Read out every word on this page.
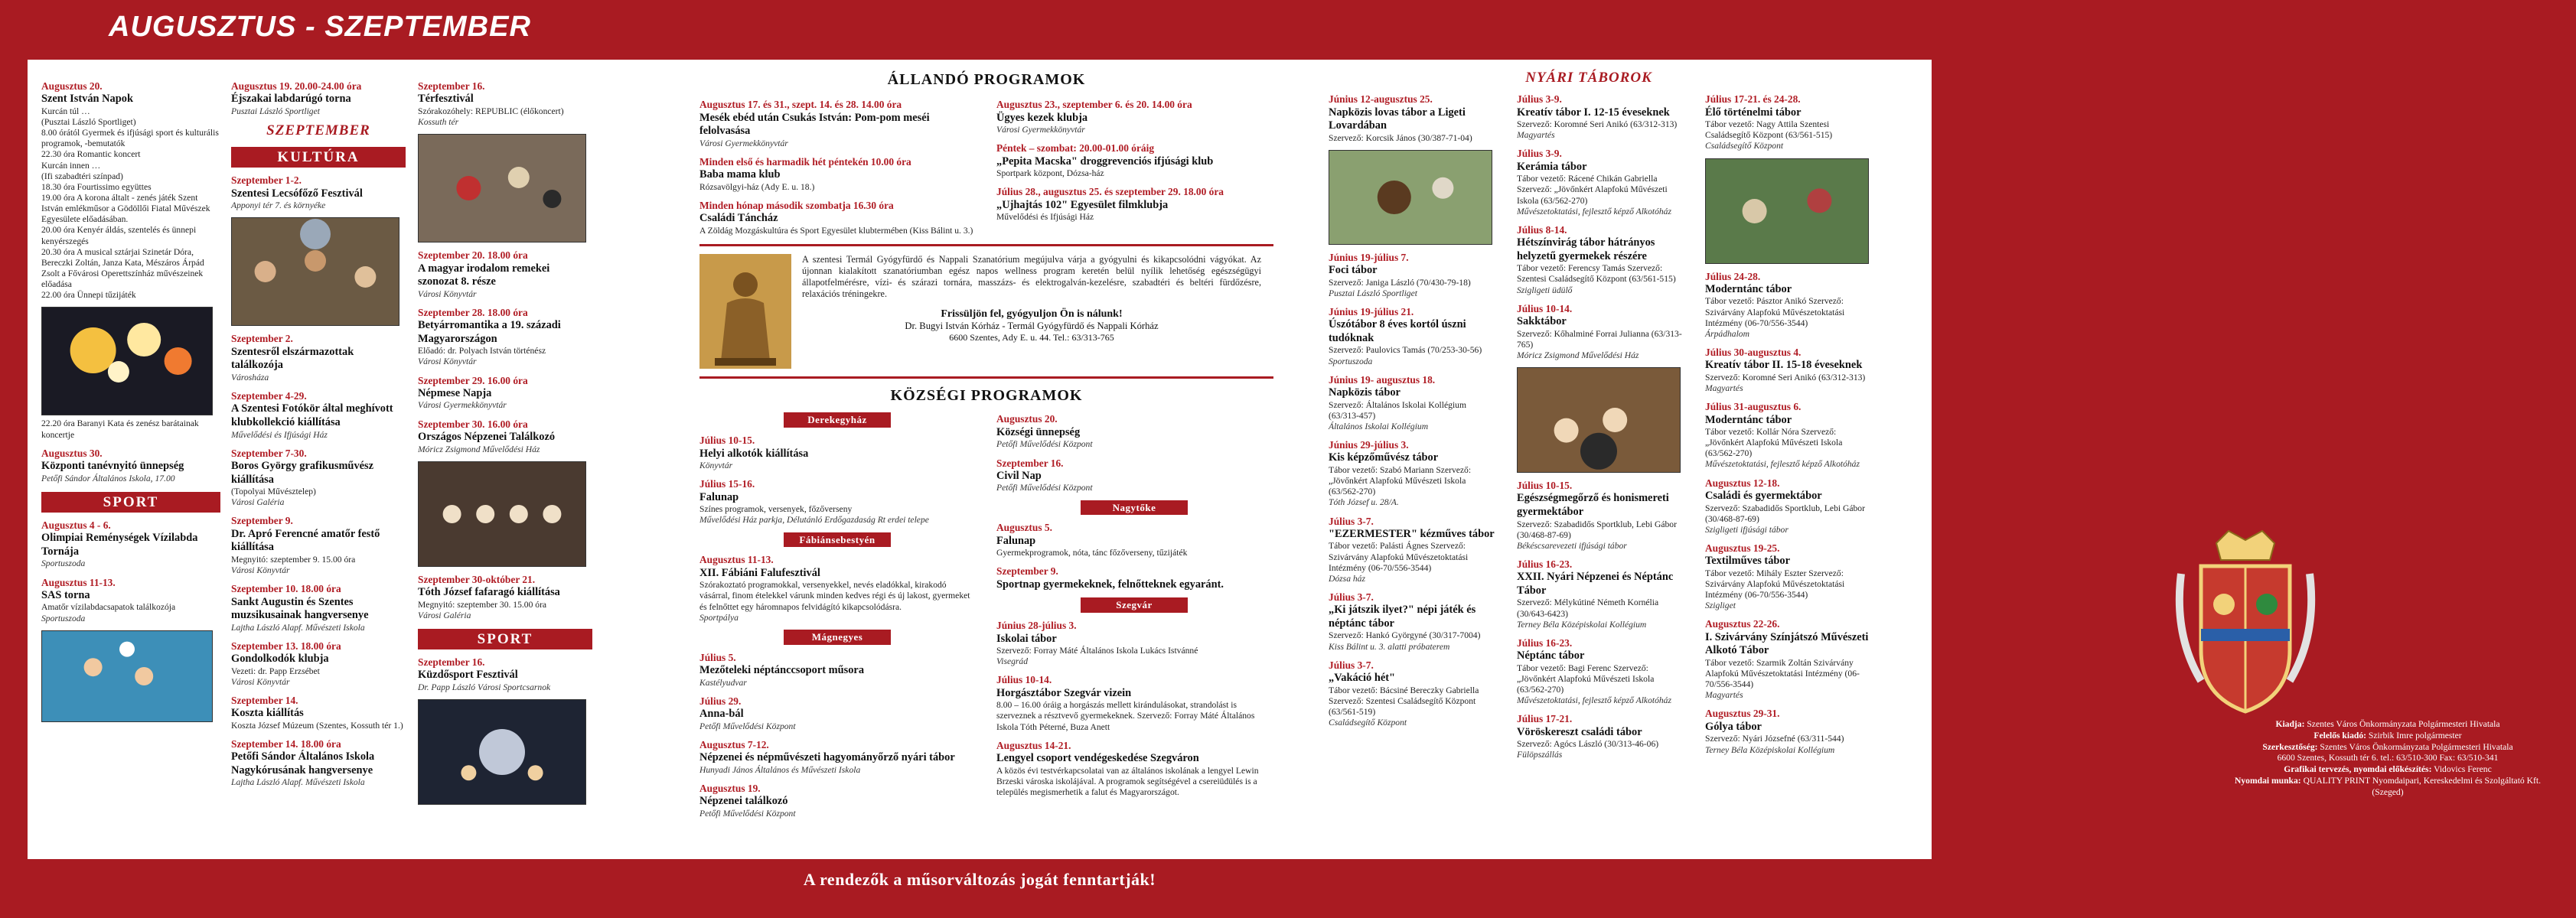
AUGUSZTUS - SZEPTEMBER
Augusztus 20.
Szent István Napok
Kurcán túl …
(Pusztai László Sportliget)
8.00 órától Gyermek és ifjúsági sport és kulturális programok, -bemutatók
22.30 óra Romantic koncert
Kurcán innen …
(Ifi szabadtéri színpad)
18.30 óra Fourtissimo együttes
19.00 óra A korona általt - zenés játék Szent István emlékműsor a Gödöllői Fiatal Művészek Egyesülete előadásában.
20.00 óra Kenyér áldás, szentelés és ünnepi kenyérszegés
20.30 óra A musical sztárjai Szinetár Dóra, Bereczki Zoltán, Janza Kata, Mészáros Árpád Zsolt a Fővárosi Operettszínház művészeinek előadása
22.00 óra Ünnepi tűzijáték
22.20 óra Baranyi Kata és zenész barátainak koncertje
Augusztus 30.
Központi tanévnyitó ünnepség
Petőfi Sándor Általános Iskola, 17.00
SPORT
Augusztus 4 - 6.
Olimpiai Reménységek Vízilabda Tornája
Sportuszoda
Augusztus 11-13.
SAS torna
Amatőr vízilabdacsapatok találkozója
Sportuszoda
Augusztus 19. 20.00-24.00 óra
Éjszakai labdarúgó torna
Pusztai László Sportliget
SZEPTEMBER
KULTÚRA
Szeptember 1-2.
Szentesi Lecsófőző Fesztivál
Apponyi tér 7. és környéke
Szeptember 2.
Szentesről elszármazottak találkozója
Városháza
Szeptember 4-29.
A Szentesi Fotókör által meghívott klubkollekció kiállítása
Művelődési és Ifjúsági Ház
Szeptember 7-30.
Boros György grafikusművész kiállítása
(Topolyai Művésztelep)
Városi Galéria
Szeptember 9.
Dr. Apró Ferencné amatőr festő kiállítása
Megnyitó: szeptember 9. 15.00 óra
Városi Könyvtár
Szeptember 10. 18.00 óra
Sankt Augustin és Szentes muzsikusainak hangversenye
Lajtha László Alapf. Művészeti Iskola
Szeptember 13. 18.00 óra
Gondolkodók klubja
Vezeti: dr. Papp Erzsébet
Városi Könyvtár
Szeptember 14.
Koszta kiállítás
Koszta József Múzeum (Szentes, Kossuth tér 1.)
Szeptember 14. 18.00 óra
Petőfi Sándor Általános Iskola Nagykórusának hangversenye
Lajtha László Alapf. Művészeti Iskola
Szeptember 16.
Térfesztivál
Szórakozóhely: REPUBLIC (élőkoncert)
Kossuth tér
Szeptember 20. 18.00 óra
A magyar irodalom remekei szonozat 8. része
Városi Könyvtár
Szeptember 28. 18.00 óra
Betyárromantika a 19. századi Magyarországon
Előadó: dr. Polyach István történész
Városi Könyvtár
Szeptember 29. 16.00 óra
Népmese Napja
Városi Gyermekkönyvtár
Szeptember 30. 16.00 óra
Országos Népzenei Találkozó
Móricz Zsigmond Művelődési Ház
Szeptember 30-október 21.
Tóth József fafaragó kiállítása
Megnyitó: szeptember 30. 15.00 óra
Városi Galéria
SPORT
Szeptember 16.
Küzdősport Fesztivál
Dr. Papp László Városi Sportcsarnok
ÁLLANDÓ PROGRAMOK
Augusztus 17. és 31., szept. 14. és 28. 14.00 óra
Mesék ebéd után Csukás István: Pom-pom meséi felolvasása
Városi Gyermekkönyvtár
Minden első és harmadik hét péntekén 10.00 óra
Baba mama klub
Rózsavölgyi-ház (Ady E. u. 18.)
Minden hónap második szombatja 16.30 óra
Családi Táncház
A Zöldág Mozgáskultúra és Sport Egyesület klubtermében (Kiss Bálint u. 3.)
Augusztus 23., szeptember 6. és 20. 14.00 óra
Ügyes kezek klubja
Városi Gyermekkönyvtár
Péntek – szombat: 20.00-01.00 óráig
„Pepita Macska" droggrevenciós ifjúsági klub
Sportpark központ, Dózsa-ház
Július 28., augusztus 25. és szeptember 29. 18.00 óra
„Ujhajtás 102" Egyesület filmklubja
Művelődési és Ifjúsági Ház
A szentesi Termál Gyógyfürdő és Nappali Szanatórium megújulva várja a gyógyulni és kikapcsolódni vágyókat. Az újonnan kialakított szanatóriumban egész napos wellness program keretén belül nyílik lehetőség egészségügyi állapotfelmérésre, vízi- és szárazi tornára, masszázs- és elektrogalván-kezelésre, szabadtéri és beltéri fürdőzésre, relaxációs tréningekre.
Frissüljön fel, gyógyuljon Ön is nálunk!
Dr. Bugyi István Kórház - Termál Gyógyfürdő és Nappali Kórház
6600 Szentes, Ady E. u. 44. Tel.: 63/313-765
KÖZSÉGI PROGRAMOK
Derekegyház
Július 10-15.
Helyi alkotók kiállítása
Könyvtár
Július 15-16.
Falunap
Színes programok, versenyek, főzőverseny
Művelődési Ház parkja, Délutánló Erdőgazdaság Rt erdei telepe
Fábiánsebestyén
Augusztus 11-13.
XII. Fábiáni Falufesztivál
Szórakoztató programokkal, versenyekkel, nevés eladókkal, kirakodó vásárral, finom ételekkel várunk minden kedves régi és új lakost, gyermeket és felnőttet egy háromnapos felvidágító kikapcsolódásra.
Sportpálya
Mágnegyes
Július 5.
Mezőteleki néptánccsoport műsora
Kastélyudvar
Július 29.
Anna-bál
Petőfi Művelődési Központ
Augusztus 7-12.
Népzenei és népművészeti hagyományőrző nyári tábor
Hunyadi János Általános és Művészeti Iskola
Augusztus 19.
Népzenei találkozó
Petőfi Művelődési Központ
Augusztus 20.
Községi ünnepség
Petőfi Művelődési Központ
Szeptember 16.
Civil Nap
Petőfi Művelődési Központ
Nagytőke
Augusztus 5.
Falunap
Gyermekprogramok, nóta, tánc főzőverseny, tűzijáték
Szeptember 9.
Sportnap gyermekeknek, felnőtteknek egyaránt.
Szegvár
Június 28-július 3.
Iskolai tábor
Szervező: Forray Máté Általános Iskola Lukács Istvánné
Visegrád
Július 10-14.
Horgásztábor Szegvár vizein
8.00 – 16.00 óráig a horgászás mellett kirándulásokat, strandolást is szerveznek a résztvevő gyermekeknek. Szervező: Forray Máté Általános Iskola Tóth Péterné, Buza Anett
Augusztus 14-21.
Lengyel csoport vendégeskedése Szegváron
A közös évi testvérkapcsolatai van az általános iskolának a lengyel Lewin Brzeski városka iskolájával. A programok segítségével a csereiüdülés is a település megismerhetik a falut és Magyarországot.
NYÁRI TÁBOROK
Június 12-augusztus 25.
Napközis lovas tábor a Ligeti Lovardában
Szervező: Korcsik János (30/387-71-04)
Június 19-július 7.
Foci tábor
Szervező: Janiga László (70/430-79-18)
Pusztai László Sportliget
Június 19-július 21.
Úszótábor 8 éves kortól úszni tudóknak
Szervező: Paulovics Tamás (70/253-30-56)
Sportuszoda
Június 19- augusztus 18.
Napközis tábor
Szervező: Általános Iskolai Kollégium (63/313-457)
Általános Iskolai Kollégium
Június 29-július 3.
Kis képzőművész tábor
Tábor vezető: Szabó Mariann Szervező: „Jövőnkért Alapfokú Művészeti Iskola (63/562-270)
Tóth József u. 28/A.
Július 3-7.
"EZERMESTER" kézműves tábor
Tábor vezető: Palásti Ágnes Szervező: Szivárvány Alapfokú Művészetoktatási Intézmény (06-70/556-3544)
Dózsa ház
Július 3-7.
„Ki játszik ilyet?" népi játék és néptánc tábor
Szervező: Hankó Györgyné (30/317-7004)
Kiss Bálint u. 3. alatti próbaterem
Július 3-7.
„Vakáció hét"
Tábor vezető: Bácsiné Bereczky Gabriella Szervező: Szentesi Családsegítő Központ (63/561-519)
Családsegítő Központ
Július 3-9.
Kreatív tábor I. 12-15 éveseknek
Szervező: Koromné Seri Anikó (63/312-313)
Magyartés
Július 3-9.
Kerámia tábor
Tábor vezető: Rácené Chikán Gabriella Szervező: „Jövőnkért Alapfokú Művészeti Iskola (63/562-270)
Művészetoktatási, fejlesztő képző Alkotóház
Július 8-14.
Hétszínvirág tábor hátrányos helyzetű gyermekek részére
Tábor vezető: Ferencsy Tamás Szervező: Szentesi Családsegítő Központ (63/561-515)
Szigligeti üdülő
Július 10-14.
Sakktábor
Szervező: Kőhalminé Forrai Julianna (63/313-765)
Móricz Zsigmond Művelődési Ház
Július 10-15.
Egészségmegőrző és honismereti gyermektábor
Szervező: Szabadidős Sportklub, Lebi Gábor (30/468-87-69)
Békéscsarevezeti ifjúsági tábor
Július 16-23.
XXII. Nyári Népzenei és Néptánc Tábor
Szervező: Mélykútiné Németh Kornélia (30/643-6423)
Terney Béla Középiskolai Kollégium
Július 16-23.
Néptánc tábor
Tábor vezető: Bagi Ferenc Szervező: „Jövőnkért Alapfokú Művészeti Iskola (63/562-270)
Művészetoktatási, fejlesztő képző Alkotóház
Július 17-21.
Vöröskereszt családi tábor
Szervező: Agócs László (30/313-46-06)
Fülöpszállás
Július 17-21. és 24-28.
Élő történelmi tábor
Tábor vezető: Nagy Attila Szentesi Családsegítő Központ (63/561-515)
Családsegítő Központ
Július 24-28.
Moderntánc tábor
Tábor vezető: Pásztor Anikó Szervező: Szivárvány Alapfokú Művészetoktatási Intézmény (06-70/556-3544)
Árpádhalom
Július 30-augusztus 4.
Kreatív tábor II. 15-18 éveseknek
Szervező: Koromné Seri Anikó (63/312-313)
Magyartés
Július 31-augusztus 6.
Moderntánc tábor
Tábor vezető: Kollár Nóra Szervező: „Jövőnkért Alapfokú Művészeti Iskola (63/562-270)
Művészetoktatási, fejlesztő képző Alkotóház
Augusztus 12-18.
Családi és gyermektábor
Szervező: Szabadidős Sportklub, Lebi Gábor (30/468-87-69)
Szigligeti ifjúsági tábor
Augusztus 19-25.
Textilműves tábor
Tábor vezető: Mihály Eszter Szervező: Szivárvány Alapfokú Művészetoktatási Intézmény (06-70/556-3544)
Szigliget
Augusztus 22-26.
I. Szivárvány Színjátszó Művészeti Alkotó Tábor
Tábor vezető: Szarmik Zoltán Szivárvány Alapfokú Művészetoktatási Intézmény (06-70/556-3544)
Magyartés
Augusztus 29-31.
Gólya tábor
Szervező: Nyári Józsefné (63/311-544)
Terney Béla Középiskolai Kollégium
Kiadja: Szentes Város Önkormányzata Polgármesteri Hivatala
Felelős kiadó: Szirbik Imre polgármester
Szerkesztőség: Szentes Város Önkormányzata Polgármesteri Hivatala
6600 Szentes, Kossuth tér 6. tel.: 63/510-300 Fax: 63/510-341
Grafikai tervezés, nyomdai előkészítés: Vidovics Ferenc
Nyomdai munka: QUALITY PRINT Nyomdaipari, Kereskedelmi és Szolgáltató Kft. (Szeged)
A rendezők a műsorváltozás jogát fenntartják!
